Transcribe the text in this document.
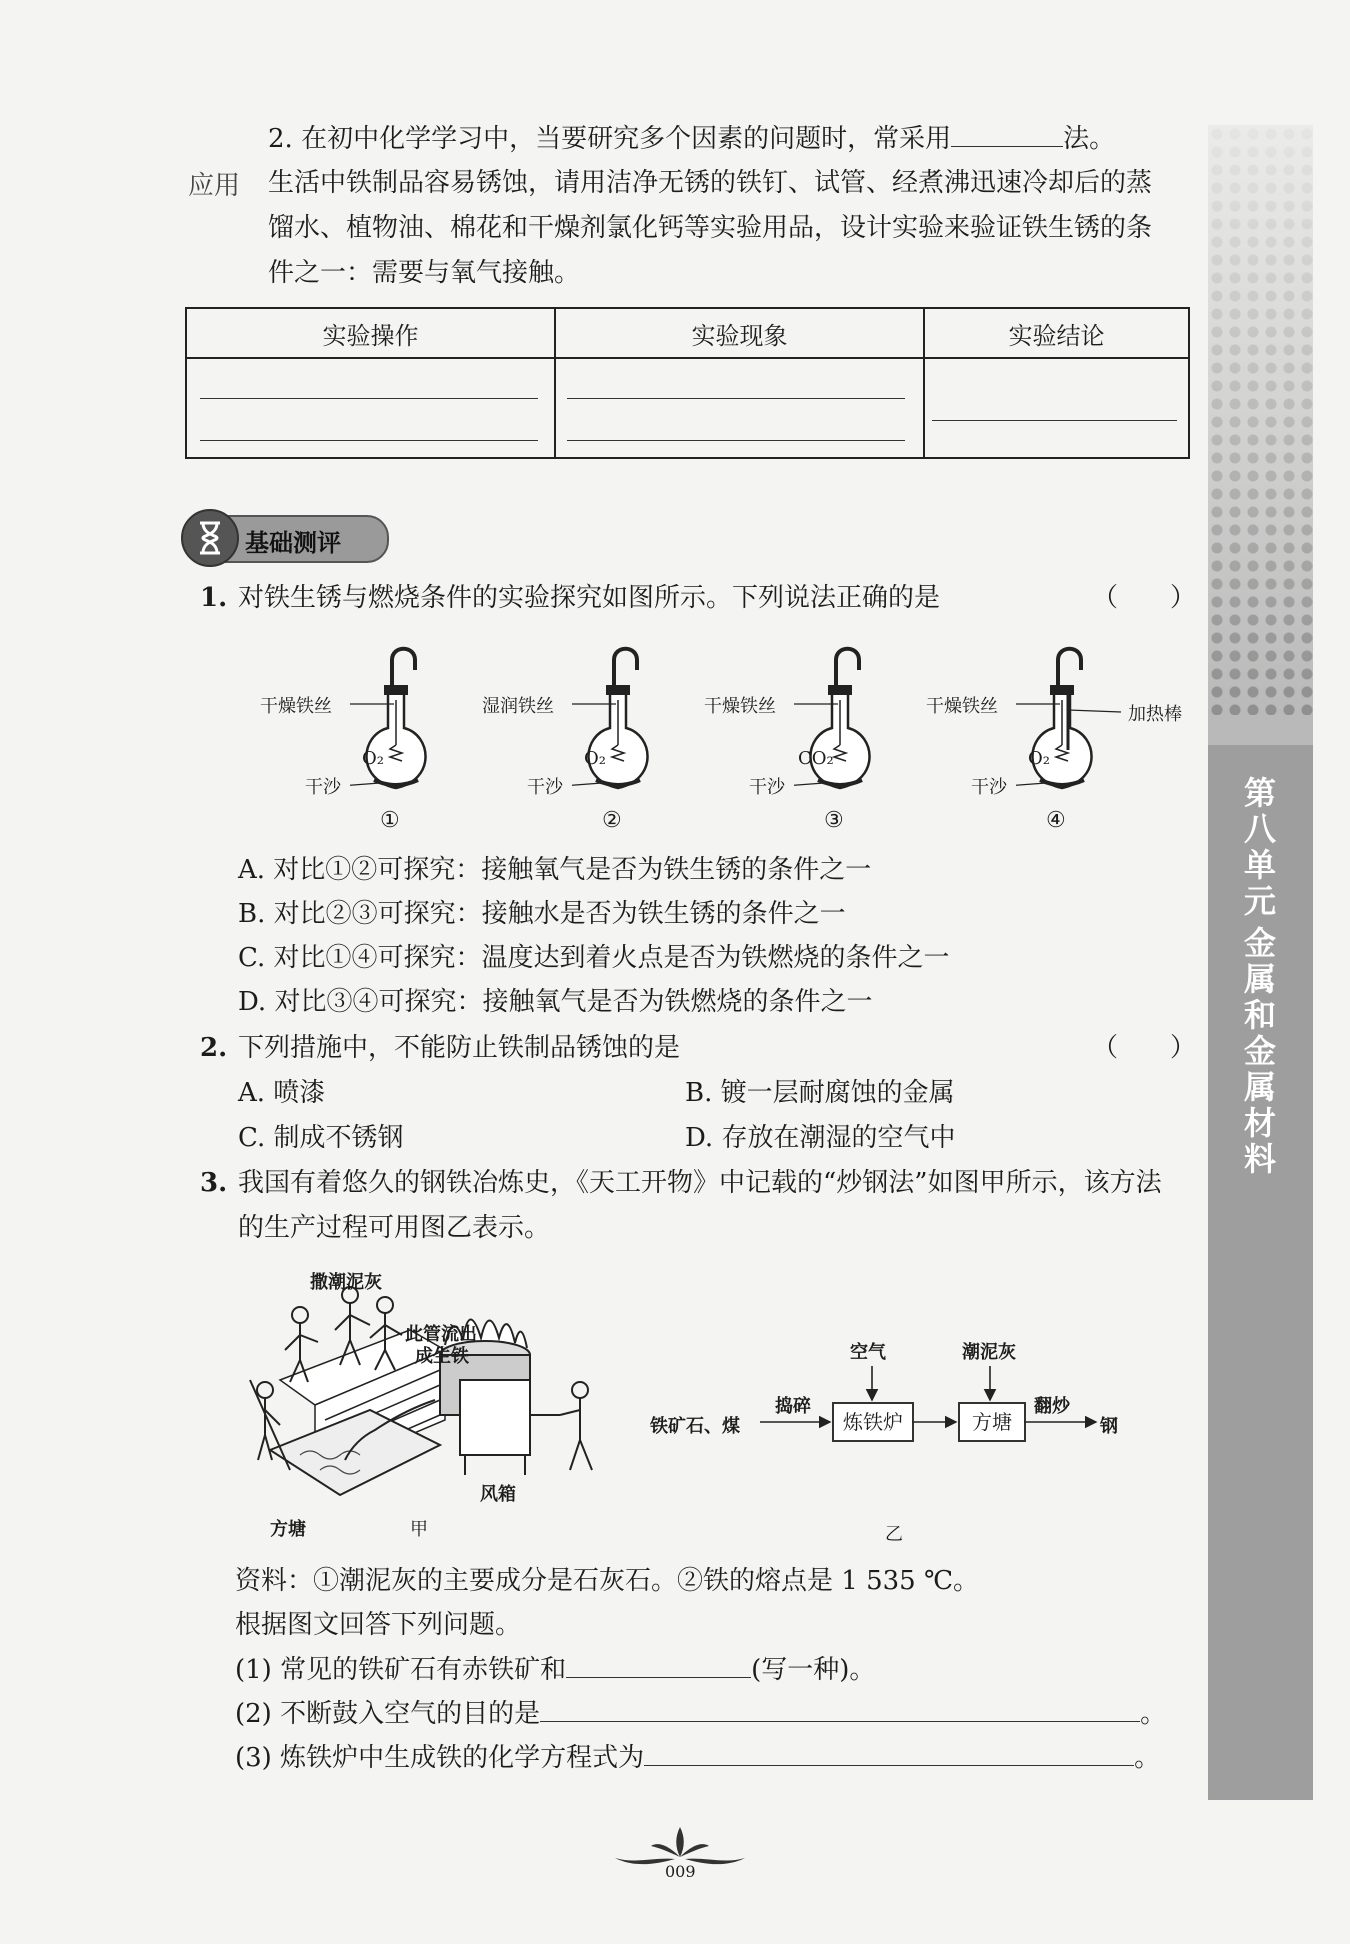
第八单元
金属和金属材料
2. 在初中化学学习中，当要研究多个因素的问题时，常采用	法。
应用 生活中铁制品容易锈蚀，请用洁净无锈的铁钉、试管、经煮沸迅速冷却后的蒸
馏水、植物油、棉花和干燥剂氯化钙等实验用品，设计实验来验证铁生锈的条
件之一：需要与氧气接触。
实验操作	实验现象	实验结论

基础测评
1. 对铁生锈与燃烧条件的实验探究如图所示。下列说法正确的是	（　　）
干燥铁丝
干沙
O₂
①
湿润铁丝
干沙
O₂
②
干燥铁丝
干沙
CO₂
③
干燥铁丝
干沙
加热棒
O₂
④
A. 对比①②可探究：接触氧气是否为铁生锈的条件之一
B. 对比②③可探究：接触水是否为铁生锈的条件之一
C. 对比①④可探究：温度达到着火点是否为铁燃烧的条件之一
D. 对比③④可探究：接触氧气是否为铁燃烧的条件之一
2. 下列措施中，不能防止铁制品锈蚀的是	（　　）
A. 喷漆	B. 镀一层耐腐蚀的金属
C. 制成不锈钢	D. 存放在潮湿的空气中
3. 我国有着悠久的钢铁冶炼史，《天工开物》中记载的“炒钢法”如图甲所示，该方法
的生产过程可用图乙表示。
撒潮泥灰
此管流出
成生铁
风箱
方塘	甲
铁矿石、煤
捣碎
空气
炼铁炉
潮泥灰
方塘
翻炒
钢
乙
资料：①潮泥灰的主要成分是石灰石。②铁的熔点是 1 535 ℃。
根据图文回答下列问题。
(1) 常见的铁矿石有赤铁矿和	(写一种)。
(2) 不断鼓入空气的目的是	。
(3) 炼铁炉中生成铁的化学方程式为	。
009
